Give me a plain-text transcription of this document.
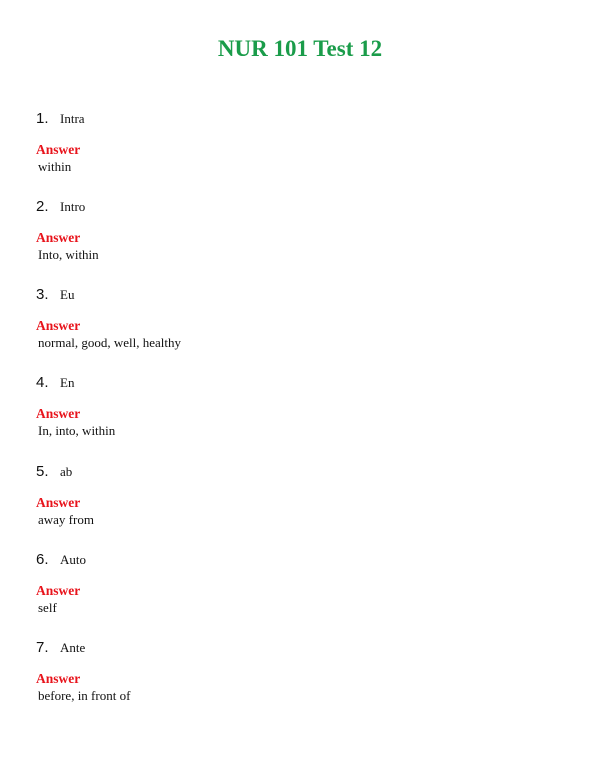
NUR 101 Test 12
1. Intra
Answer
within
2. Intro
Answer
Into, within
3. Eu
Answer
normal, good, well, healthy
4. En
Answer
In, into, within
5. ab
Answer
away from
6. Auto
Answer
self
7. Ante
Answer
before, in front of
